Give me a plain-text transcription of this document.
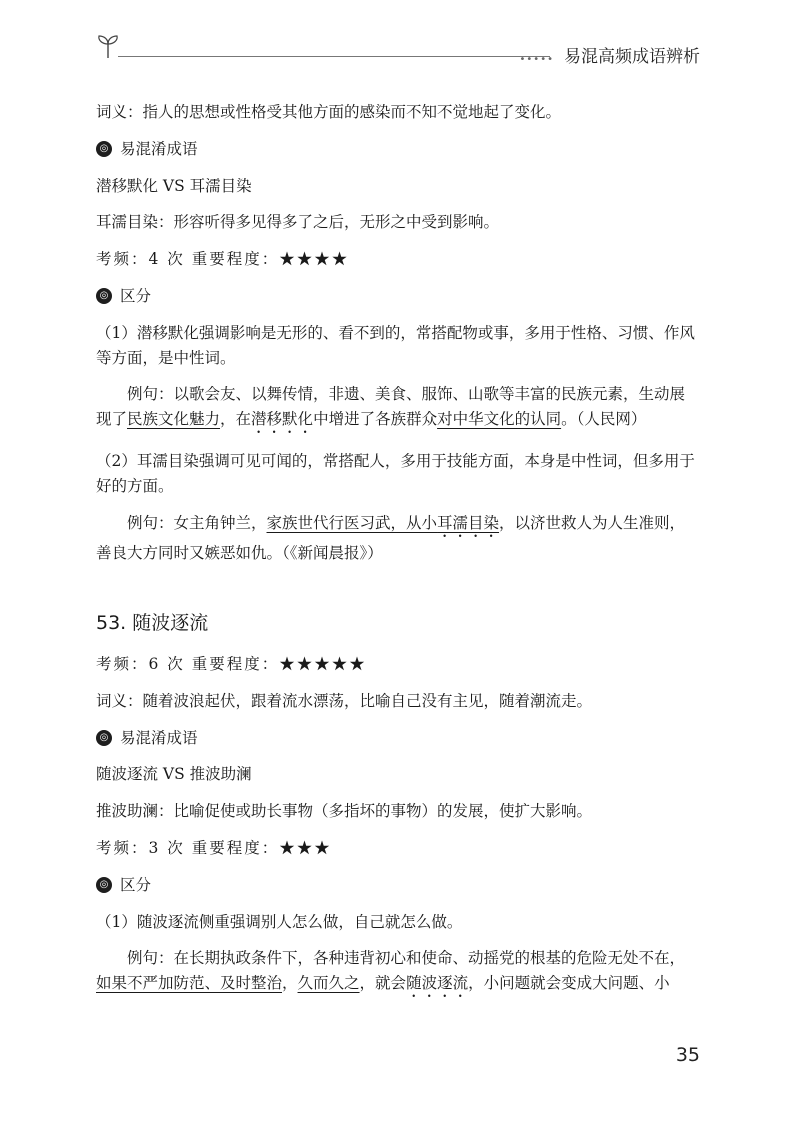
••••• 易混高频成语辨析

词义：指人的思想或性格受其他方面的感染而不知不觉地起了变化。

◎ 易混淆成语

潜移默化 VS 耳濡目染

耳濡目染：形容听得多见得多了之后，无形之中受到影响。

考频：4 次 重要程度：★★★★

◎ 区分

（1）潜移默化强调影响是无形的、看不到的，常搭配物或事，多用于性格、习惯、作风等方面，是中性词。

例句：以歌会友、以舞传情，非遗、美食、服饰、山歌等丰富的民族元素，生动展现了民族文化魅力，在潜移默化中增进了各族群众对中华文化的认同。（人民网）

（2）耳濡目染强调可见可闻的，常搭配人，多用于技能方面，本身是中性词，但多用于好的方面。

例句：女主角钟兰，家族世代行医习武，从小耳濡目染，以济世救人为人生准则，善良大方同时又嫉恶如仇。（《新闻晨报》）

53. 随波逐流

考频：6 次 重要程度：★★★★★

词义：随着波浪起伏，跟着流水漂荡，比喻自己没有主见，随着潮流走。

◎ 易混淆成语

随波逐流 VS 推波助澜

推波助澜：比喻促使或助长事物（多指坏的事物）的发展，使扩大影响。

考频：3 次 重要程度：★★★

◎ 区分

（1）随波逐流侧重强调别人怎么做，自己就怎么做。

例句：在长期执政条件下，各种违背初心和使命、动摇党的根基的危险无处不在，如果不严加防范、及时整治，久而久之，就会随波逐流，小问题就会变成大问题、小

35
